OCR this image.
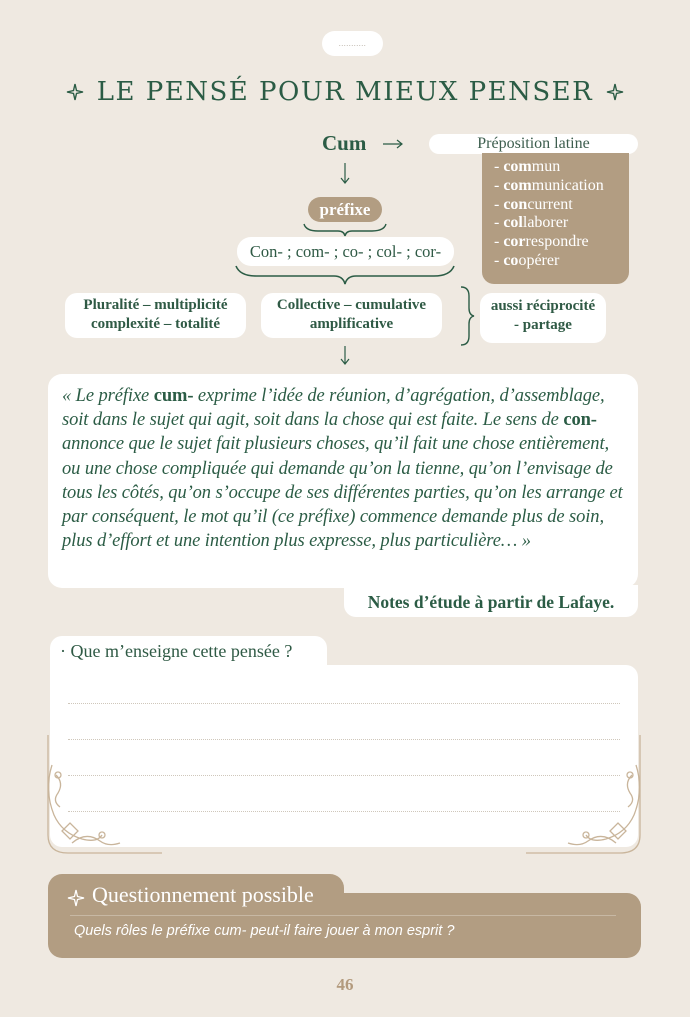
...........
LE PENSÉ POUR MIEUX PENSER
Cum	Préposition latine
- commun
- communication
- concurrent
- collaborer
- correspondre
- coopérer
préfixe
Con- ; com- ; co- ; col- ; cor-
Pluralité – multiplicité
complexité – totalité
Collective – cumulative
amplificative
aussi réciprocité
- partage
« Le préfixe cum- exprime l’idée de réunion, d’agrégation, d’assemblage, soit dans le sujet qui agit, soit dans la chose qui est faite. Le sens de con- annonce que le sujet fait plusieurs choses, qu’il fait une chose entièrement, ou une chose compliquée qui demande qu’on la tienne, qu’on l’envisage de tous les côtés, qu’on s’occupe de ses différentes parties, qu’on les arrange et par conséquent, le mot qu’il (ce préfixe) commence demande plus de soin, plus d’effort et une intention plus expresse, plus particulière… »
Notes d’étude à partir de Lafaye.
· Que m’enseigne cette pensée ?
Questionnement possible
Quels rôles le préfixe cum- peut-il faire jouer à mon esprit ?
46
